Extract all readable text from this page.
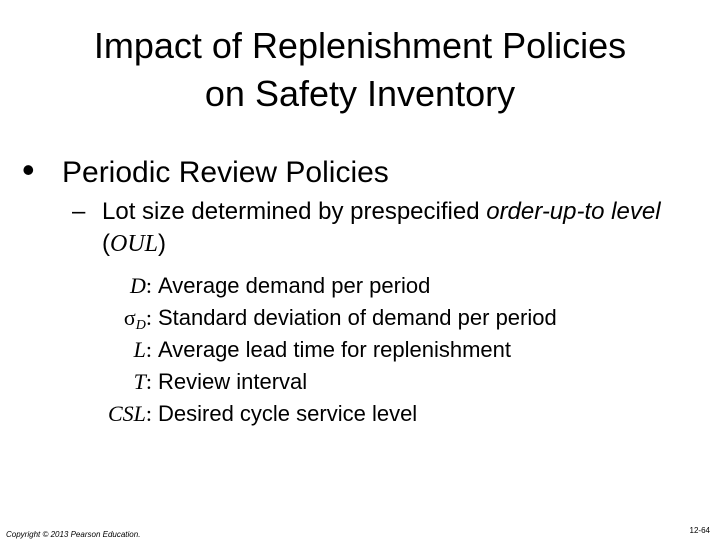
Impact of Replenishment Policies
on Safety Inventory
• Periodic Review Policies
– Lot size determined by prespecified order-up-to level (OUL)
D: Average demand per period
$\sigma_D$: Standard deviation of demand per period
L: Average lead time for replenishment
T: Review interval
CSL: Desired cycle service level
Copyright © 2013 Pearson Education.	12-64
